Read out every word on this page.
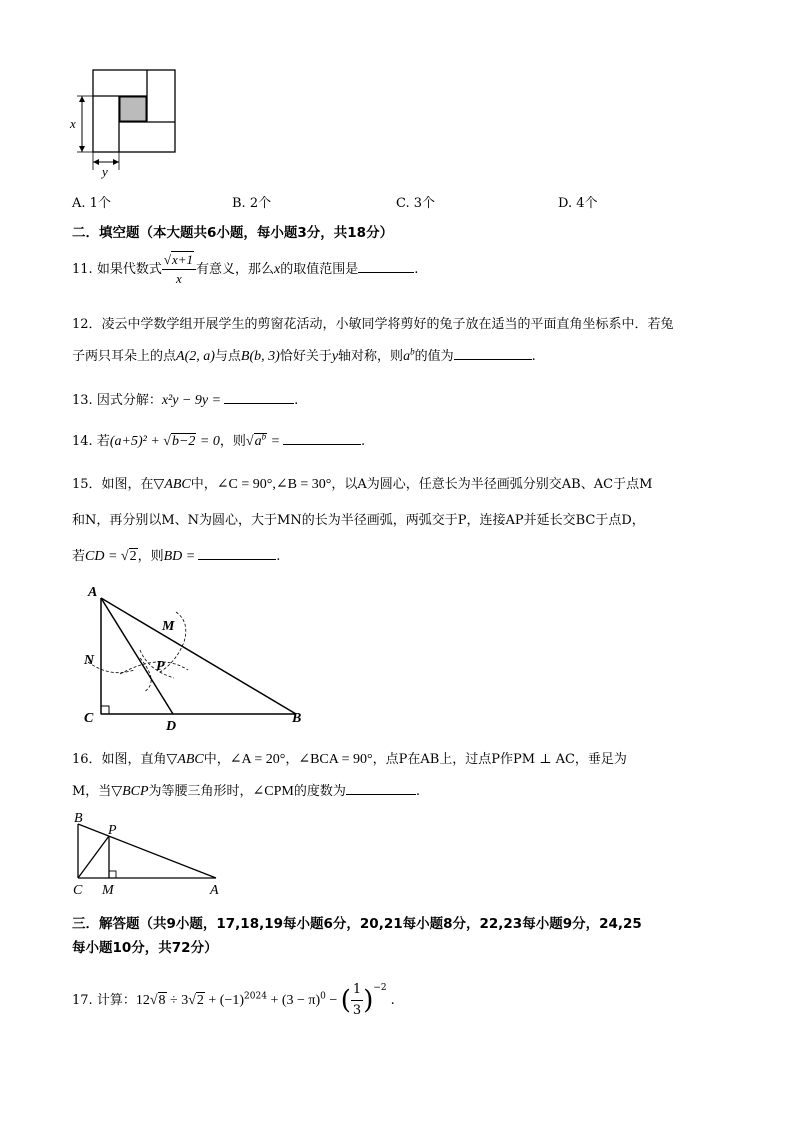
x
y
A. 1个	B. 2个	C. 3个	D. 4个
二．填空题（本大题共6小题，每小题3分，共18分）
11. 如果代数式 $\frac{√x+1}{x}$ 有意义，那么x的取值范围是	.
12．凌云中学数学组开展学生的剪窗花活动，小敏同学将剪好的兔子放在适当的平面直角坐标系中．若兔
子两只耳朵上的点A(2, a)与点B(b, 3)恰好关于y轴对称，则$a^b$的值为	.
13. 因式分解：x²y − 9y =	.
14. 若(a+5)² + √b−2 = 0，则$√a^b$ =	.
15．如图，在▽ABC中，∠C = 90°,∠B = 30°，以A为圆心，任意长为半径画弧分别交AB、AC于点M
和N，再分别以M、N为圆心，大于MN的长为半径画弧，两弧交于P，连接AP并延长交BC于点D，
若CD = √2，则BD =	.
A
B
C
D
M
N	P
16．如图，直角▽ABC中，∠A = 20°，∠BCA = 90°，点P在AB上，过点P作PM ⊥ AC，垂足为
M，当▽BCP为等腰三角形时，∠CPM的度数为	.
B
P
C M	A
三．解答题（共9小题，17,18,19每小题6分，20,21每小题8分，22,23每小题9分，24,25
每小题10分，共72分）
17. 计算：$12√8 \div 3√2 + (-1)^{2024} + (3 - \pi)^0$ − ( $\frac{1}{3} )^{-2}$.
